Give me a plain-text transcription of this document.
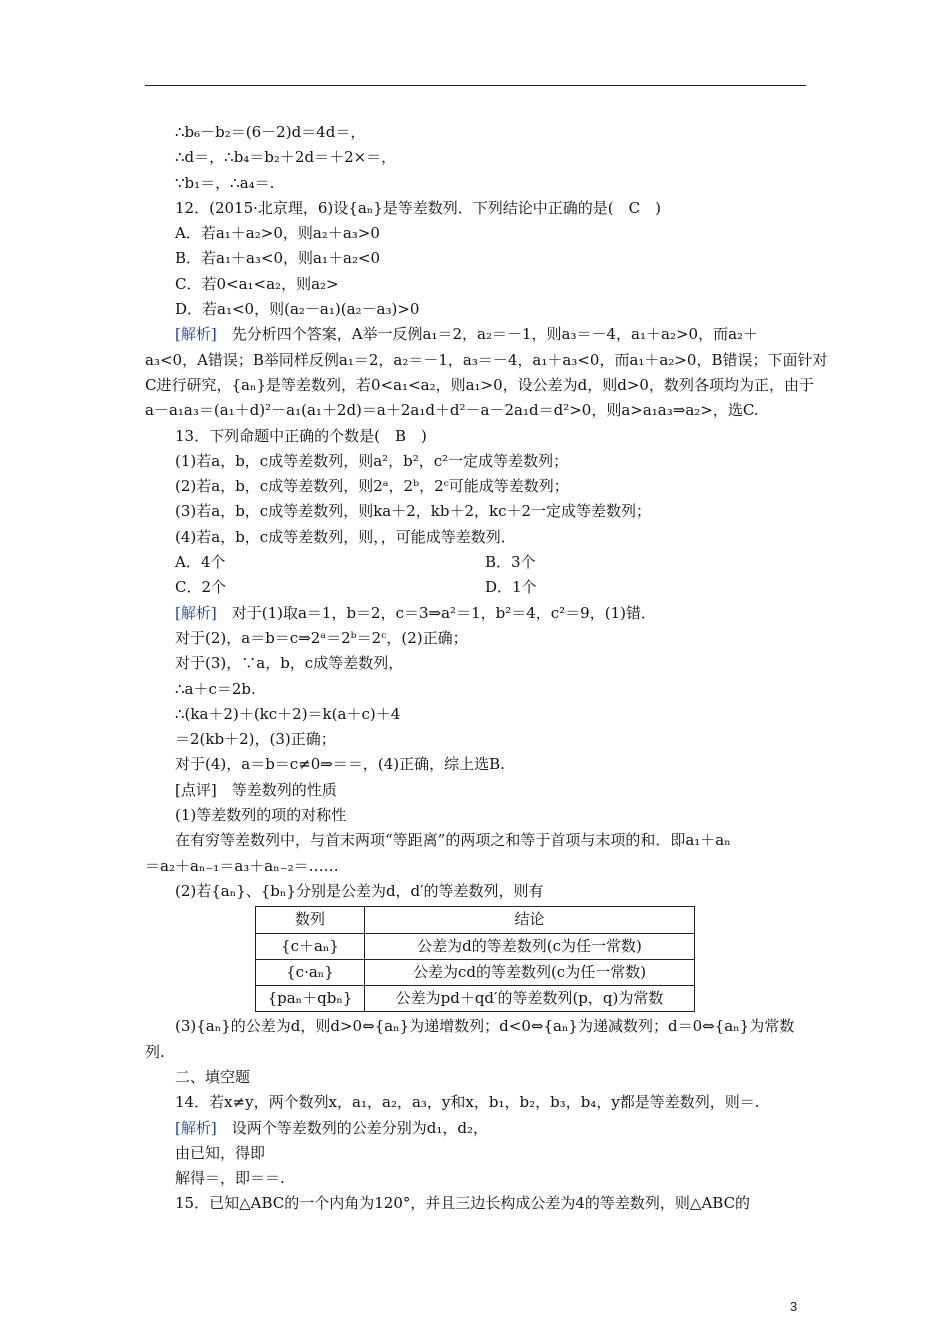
∴b₆－b₂＝(6－2)d＝4d＝，
∴d＝，∴b₄＝b₂＋2d＝＋2×＝，
∵b₁＝，∴a₄＝.
12．(2015·北京理，6)设{aₙ}是等差数列．下列结论中正确的是(　C　)
A．若a₁＋a₂>0，则a₂＋a₃>0
B．若a₁＋a₃<0，则a₁＋a₂<0
C．若0<a₁<a₂，则a₂>
D．若a₁<0，则(a₂－a₁)(a₂－a₃)>0
[解析]　先分析四个答案，A举一反例a₁＝2，a₂＝－1，则a₃＝－4，a₁＋a₂>0，而a₂＋
a₃<0，A错误；B举同样反例a₁＝2，a₂＝－1，a₃＝－4，a₁＋a₃<0，而a₁＋a₂>0，B错误；下面针对
C进行研究，{aₙ}是等差数列，若0<a₁<a₂，则a₁>0，设公差为d，则d>0，数列各项均为正，由于
a－a₁a₃＝(a₁＋d)²－a₁(a₁＋2d)＝a＋2a₁d＋d²－a－2a₁d＝d²>0，则a>a₁a₃⇒a₂>，选C.
13．下列命题中正确的个数是(　B　)
(1)若a，b，c成等差数列，则a²，b²，c²一定成等差数列；
(2)若a，b，c成等差数列，则2ᵃ，2ᵇ，2ᶜ可能成等差数列；
(3)若a，b，c成等差数列，则ka＋2，kb＋2，kc＋2一定成等差数列；
(4)若a，b，c成等差数列，则，，可能成等差数列．
A．4个	B．3个
C．2个	D．1个
[解析]　对于(1)取a＝1，b＝2，c＝3⇒a²＝1，b²＝4，c²＝9，(1)错．
对于(2)，a＝b＝c⇒2ᵃ＝2ᵇ＝2ᶜ，(2)正确；
对于(3)，∵a，b，c成等差数列，
∴a＋c＝2b.
∴(ka＋2)＋(kc＋2)＝k(a＋c)＋4
＝2(kb＋2)，(3)正确；
对于(4)，a＝b＝c≠0⇒＝＝，(4)正确，综上选B.
[点评]　等差数列的性质
(1)等差数列的项的对称性
在有穷等差数列中，与首末两项“等距离”的两项之和等于首项与末项的和．即a₁＋aₙ
＝a₂＋aₙ₋₁＝a₃＋aₙ₋₂＝……
(2)若{aₙ}、{bₙ}分别是公差为d，d′的等差数列，则有
数列	结论
{c＋aₙ}	公差为d的等差数列(c为任一常数)
{c·aₙ}	公差为cd的等差数列(c为任一常数)
{paₙ＋qbₙ}	公差为pd＋qd′的等差数列(p，q)为常数
(3){aₙ}的公差为d，则d>0⇔{aₙ}为递增数列；d<0⇔{aₙ}为递减数列；d＝0⇔{aₙ}为常数
列.
二、填空题
14．若x≠y，两个数列x，a₁，a₂，a₃，y和x，b₁，b₂，b₃，b₄，y都是等差数列，则＝.
[解析]　设两个等差数列的公差分别为d₁，d₂，
由已知，得即
解得＝，即＝＝.
15．已知△ABC的一个内角为120°，并且三边长构成公差为4的等差数列，则△ABC的
3
